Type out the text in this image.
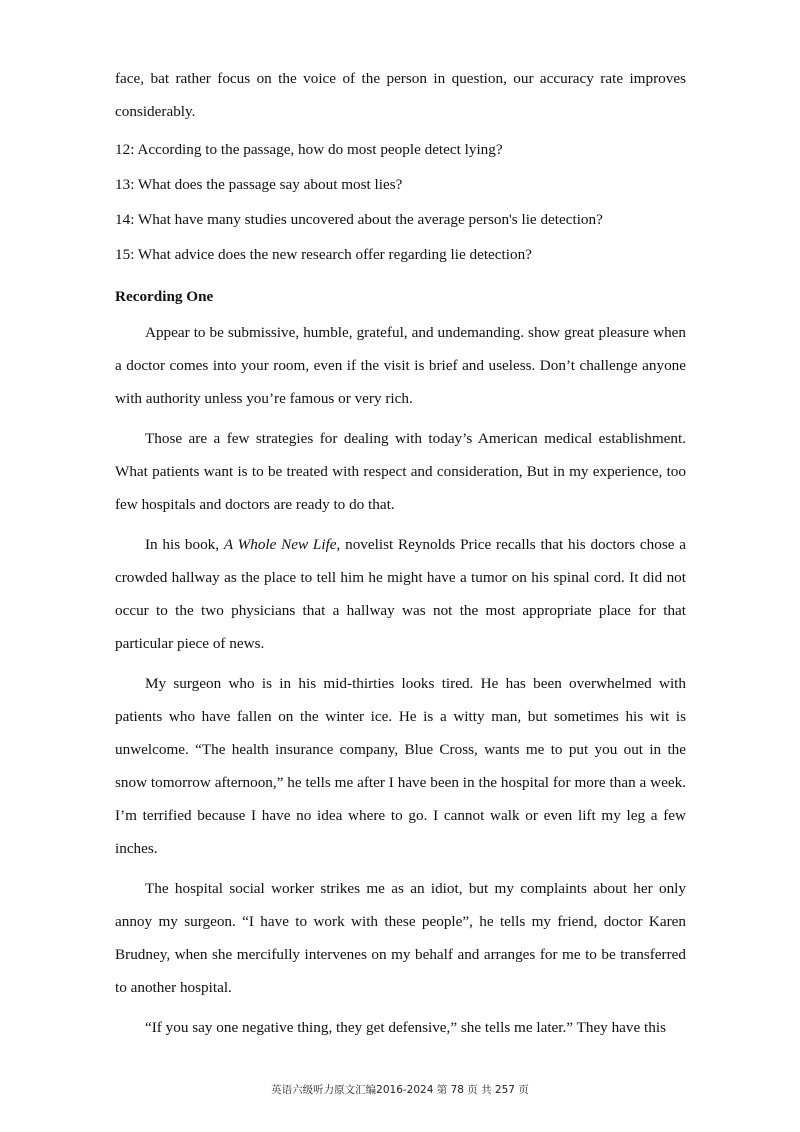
face, bat rather focus on the voice of the person in question, our accuracy rate improves considerably.

12: According to the passage, how do most people detect lying?

13: What does the passage say about most lies?

14: What have many studies uncovered about the average person's lie detection?

15: What advice does the new research offer regarding lie detection?

Recording One

Appear to be submissive, humble, grateful, and undemanding. show great pleasure when a doctor comes into your room, even if the visit is brief and useless. Don’t challenge anyone with authority unless you’re famous or very rich.

Those are a few strategies for dealing with today’s American medical establishment. What patients want is to be treated with respect and consideration, But in my experience, too few hospitals and doctors are ready to do that.

In his book, A Whole New Life, novelist Reynolds Price recalls that his doctors chose a crowded hallway as the place to tell him he might have a tumor on his spinal cord. It did not occur to the two physicians that a hallway was not the most appropriate place for that particular piece of news.

My surgeon who is in his mid-thirties looks tired. He has been overwhelmed with patients who have fallen on the winter ice. He is a witty man, but sometimes his wit is unwelcome. “The health insurance company, Blue Cross, wants me to put you out in the snow tomorrow afternoon,” he tells me after I have been in the hospital for more than a week. I’m terrified because I have no idea where to go. I cannot walk or even lift my leg a few inches.

The hospital social worker strikes me as an idiot, but my complaints about her only annoy my surgeon. “I have to work with these people”, he tells my friend, doctor Karen Brudney, when she mercifully intervenes on my behalf and arranges for me to be transferred to another hospital.

“If you say one negative thing, they get defensive,” she tells me later.” They have this

英语六级听力原文汇编2016-2024 第 78 页 共 257 页
